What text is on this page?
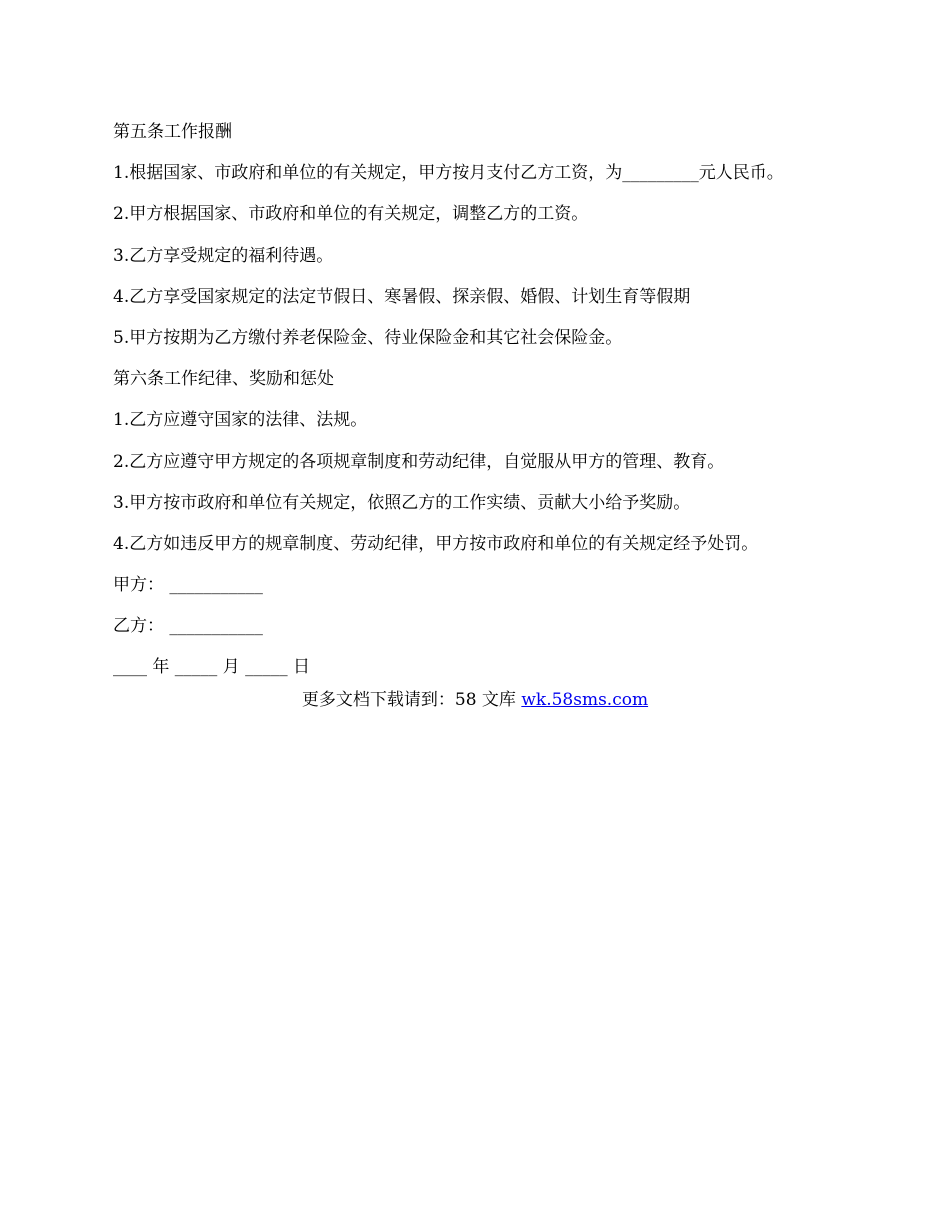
第五条工作报酬
1.根据国家、市政府和单位的有关规定，甲方按月支付乙方工资，为_________元人民币。
2.甲方根据国家、市政府和单位的有关规定，调整乙方的工资。
3.乙方享受规定的福利待遇。
4.乙方享受国家规定的法定节假日、寒暑假、探亲假、婚假、计划生育等假期
5.甲方按期为乙方缴付养老保险金、待业保险金和其它社会保险金。
第六条工作纪律、奖励和惩处
1.乙方应遵守国家的法律、法规。
2.乙方应遵守甲方规定的各项规章制度和劳动纪律，自觉服从甲方的管理、教育。
3.甲方按市政府和单位有关规定，依照乙方的工作实绩、贡献大小给予奖励。
4.乙方如违反甲方的规章制度、劳动纪律，甲方按市政府和单位的有关规定经予处罚。
甲方： ___________
乙方： ___________
____ 年 _____ 月 _____ 日
更多文档下载请到：58 文库 wk.58sms.com
